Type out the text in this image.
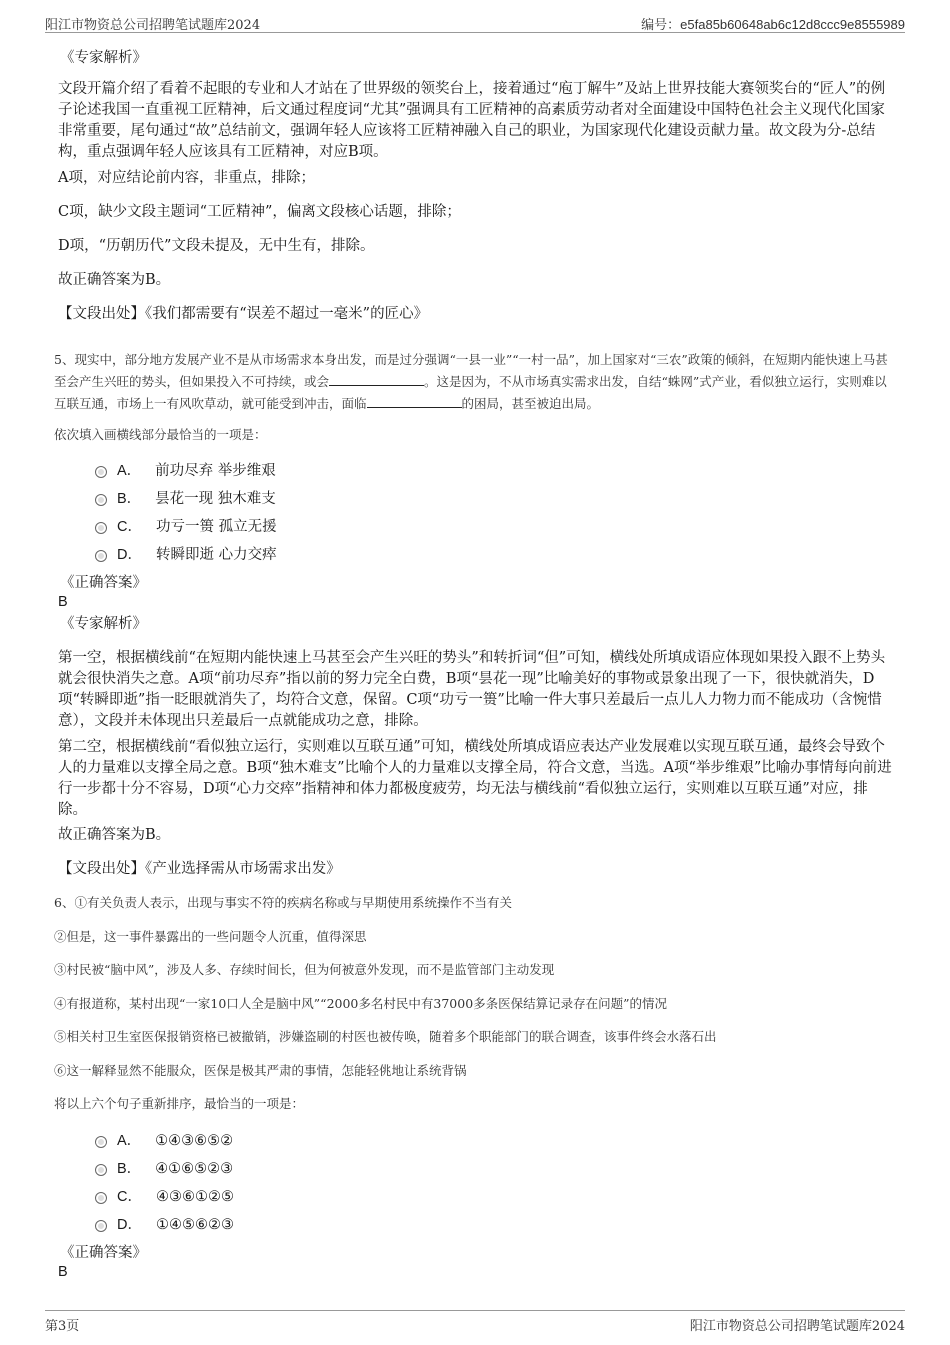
阳江市物资总公司招聘笔试题库2024	编号：e5fa85b60648ab6c12d8ccc9e8555989
《专家解析》

文段开篇介绍了看着不起眼的专业和人才站在了世界级的领奖台上，接着通过“庖丁解牛”及站上世界技能大赛领奖台的“匠人”的例子论述我国一直重视工匠精神，后文通过程度词“尤其”强调具有工匠精神的高素质劳动者对全面建设中国特色社会主义现代化国家非常重要，尾句通过“故”总结前文，强调年轻人应该将工匠精神融入自己的职业，为国家现代化建设贡献力量。故文段为分-总结构，重点强调年轻人应该具有工匠精神，对应B项。

A项，对应结论前内容，非重点，排除；

C项，缺少文段主题词“工匠精神”，偏离文段核心话题，排除；

D项，“历朝历代”文段未提及，无中生有，排除。

故正确答案为B。

【文段出处】《我们都需要有“误差不超过一毫米”的匠心》

5、现实中，部分地方发展产业不是从市场需求本身出发，而是过分强调“一县一业”“一村一品”，加上国家对“三农”政策的倾斜，在短期内能快速上马甚至会产生兴旺的势头，但如果投入不可持续，或会	。这是因为，不从市场真实需求出发，自结“蛛网”式产业，看似独立运行，实则难以互联互通，市场上一有风吹草动，就可能受到冲击，面临	的困局，甚至被迫出局。

依次填入画横线部分最恰当的一项是：

A． 前功尽弃 举步维艰
B． 昙花一现 独木难支
C． 功亏一篑 孤立无援
D． 转瞬即逝 心力交瘁
《正确答案》
B
《专家解析》

第一空，根据横线前“在短期内能快速上马甚至会产生兴旺的势头”和转折词“但”可知，横线处所填成语应体现如果投入跟不上势头就会很快消失之意。A项“前功尽弃”指以前的努力完全白费，B项“昙花一现”比喻美好的事物或景象出现了一下，很快就消失，D项“转瞬即逝”指一眨眼就消失了，均符合文意，保留。C项“功亏一篑”比喻一件大事只差最后一点儿人力物力而不能成功（含惋惜意），文段并未体现出只差最后一点就能成功之意，排除。

第二空，根据横线前“看似独立运行，实则难以互联互通”可知，横线处所填成语应表达产业发展难以实现互联互通，最终会导致个人的力量难以支撑全局之意。B项“独木难支”比喻个人的力量难以支撑全局，符合文意，当选。A项“举步维艰”比喻办事情每向前进行一步都十分不容易，D项“心力交瘁”指精神和体力都极度疲劳，均无法与横线前“看似独立运行，实则难以互联互通”对应，排除。

故正确答案为B。

【文段出处】《产业选择需从市场需求出发》

6、①有关负责人表示，出现与事实不符的疾病名称或与早期使用系统操作不当有关

②但是，这一事件暴露出的一些问题令人沉重，值得深思

③村民被“脑中风”，涉及人多、存续时间长，但为何被意外发现，而不是监管部门主动发现

④有报道称，某村出现“一家10口人全是脑中风”“2000多名村民中有37000多条医保结算记录存在问题”的情况

⑤相关村卫生室医保报销资格已被撤销，涉嫌盗刷的村医也被传唤，随着多个职能部门的联合调查，该事件终会水落石出

⑥这一解释显然不能服众，医保是极其严肃的事情，怎能轻佻地让系统背锅

将以上六个句子重新排序，最恰当的一项是：

A． ①④③⑥⑤②
B． ④①⑥⑤②③
C． ④③⑥①②⑤
D． ①④⑤⑥②③
《正确答案》
B
第3页	阳江市物资总公司招聘笔试题库2024
